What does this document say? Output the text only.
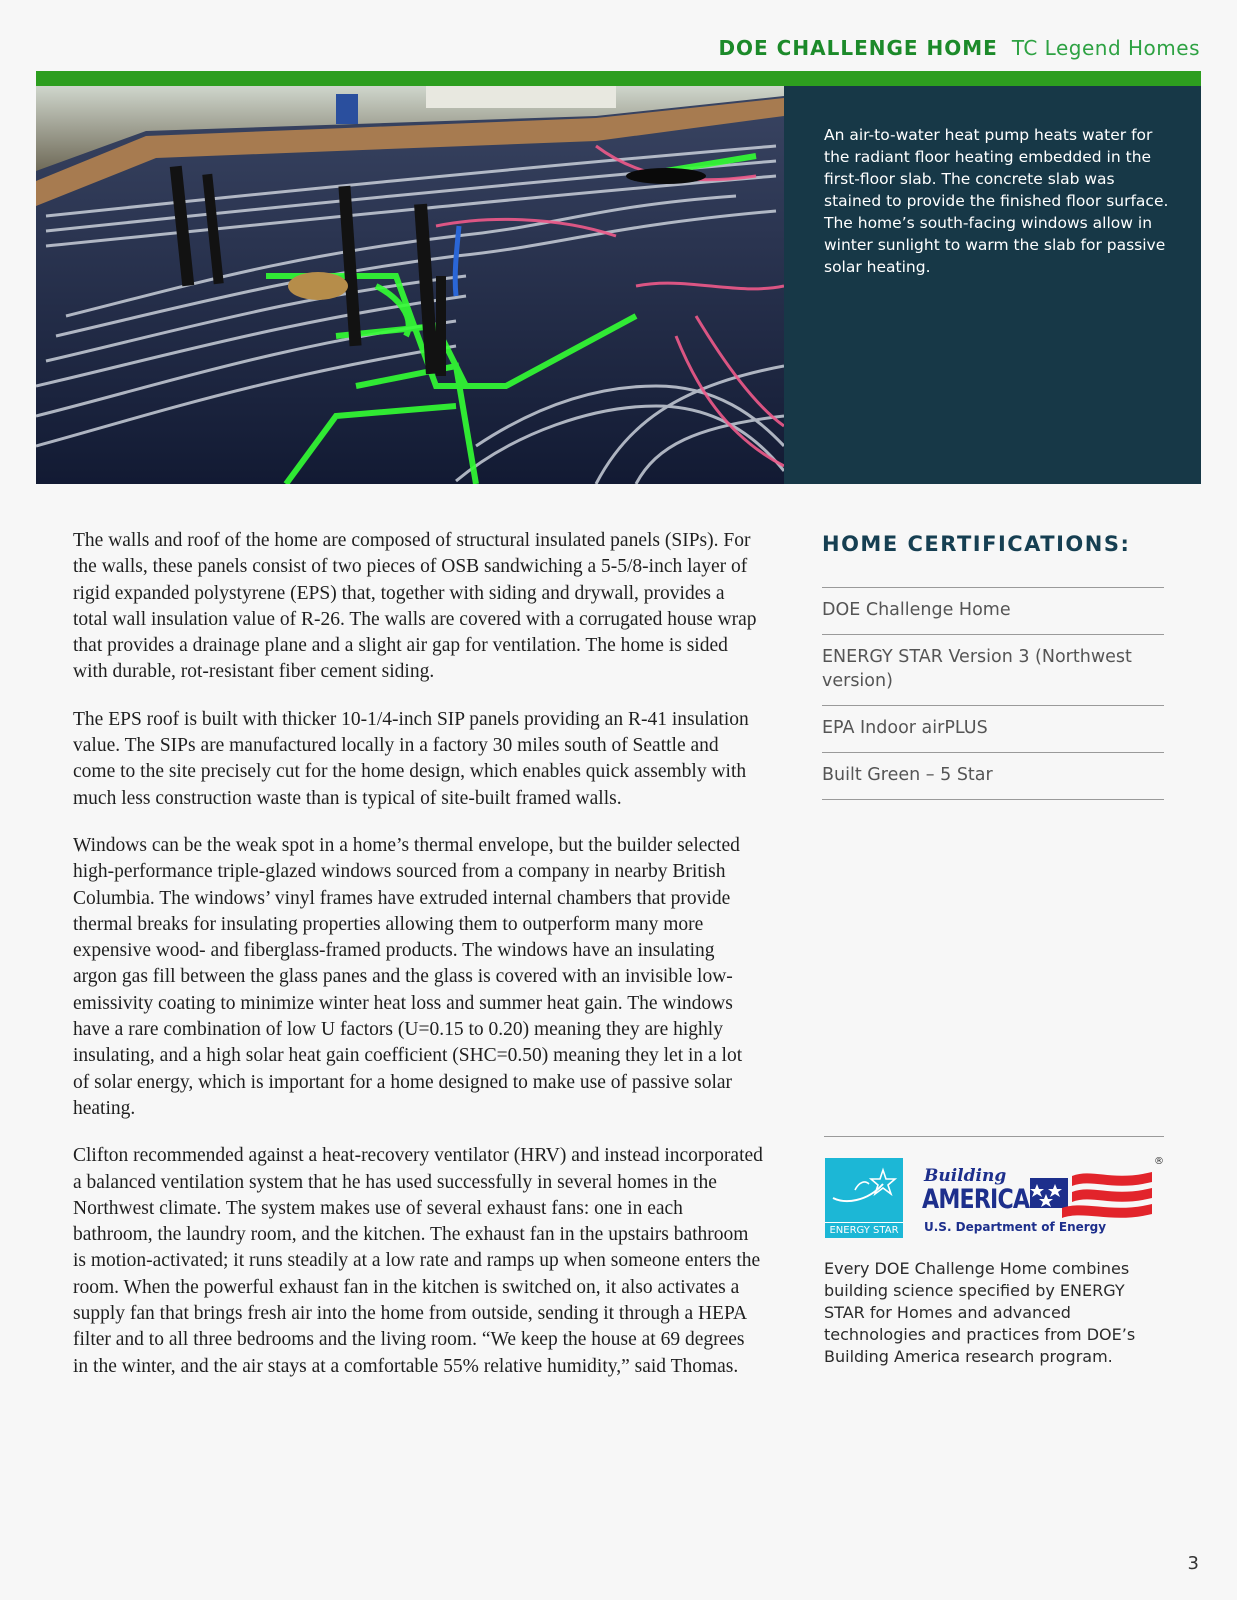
DOE CHALLENGE HOME TC Legend Homes
An air-to-water heat pump heats water for the radiant floor heating embedded in the first-floor slab. The concrete slab was stained to provide the finished floor surface. The home’s south-facing windows allow in winter sunlight to warm the slab for passive solar heating.

The walls and roof of the home are composed of structural insulated panels (SIPs). For the walls, these panels consist of two pieces of OSB sandwiching a 5-5/8-inch layer of rigid expanded polystyrene (EPS) that, together with siding and drywall, provides a total wall insulation value of R-26. The walls are covered with a corrugated house wrap that provides a drainage plane and a slight air gap for ventilation. The home is sided with durable, rot-resistant fiber cement siding.

The EPS roof is built with thicker 10-1/4-inch SIP panels providing an R-41 insulation value. The SIPs are manufactured locally in a factory 30 miles south of Seattle and come to the site precisely cut for the home design, which enables quick assembly with much less construction waste than is typical of site-built framed walls.

Windows can be the weak spot in a home’s thermal envelope, but the builder selected high-performance triple-glazed windows sourced from a company in nearby British Columbia. The windows’ vinyl frames have extruded internal chambers that provide thermal breaks for insulating properties allowing them to outperform many more expensive wood- and fiberglass-framed products. The windows have an insulating argon gas fill between the glass panes and the glass is covered with an invisible low-emissivity coating to minimize winter heat loss and summer heat gain. The windows have a rare combination of low U factors (U=0.15 to 0.20) meaning they are highly insulating, and a high solar heat gain coefficient (SHC=0.50) meaning they let in a lot of solar energy, which is important for a home designed to make use of passive solar heating.

Clifton recommended against a heat-recovery ventilator (HRV) and instead incorporated a balanced ventilation system that he has used successfully in several homes in the Northwest climate. The system makes use of several exhaust fans: one in each bathroom, the laundry room, and the kitchen. The exhaust fan in the upstairs bathroom is motion-activated; it runs steadily at a low rate and ramps up when someone enters the room. When the powerful exhaust fan in the kitchen is switched on, it also activates a supply fan that brings fresh air into the home from outside, sending it through a HEPA filter and to all three bedrooms and the living room. “We keep the house at 69 degrees in the winter, and the air stays at a comfortable 55% relative humidity,” said Thomas.

HOME CERTIFICATIONS:
DOE Challenge Home
ENERGY STAR Version 3 (Northwest version)
EPA Indoor airPLUS
Built Green – 5 Star
ENERGY STAR
Building
AMERICA
®
U.S. Department of Energy
Every DOE Challenge Home combines building science specified by ENERGY STAR for Homes and advanced technologies and practices from DOE’s Building America research program.
3
